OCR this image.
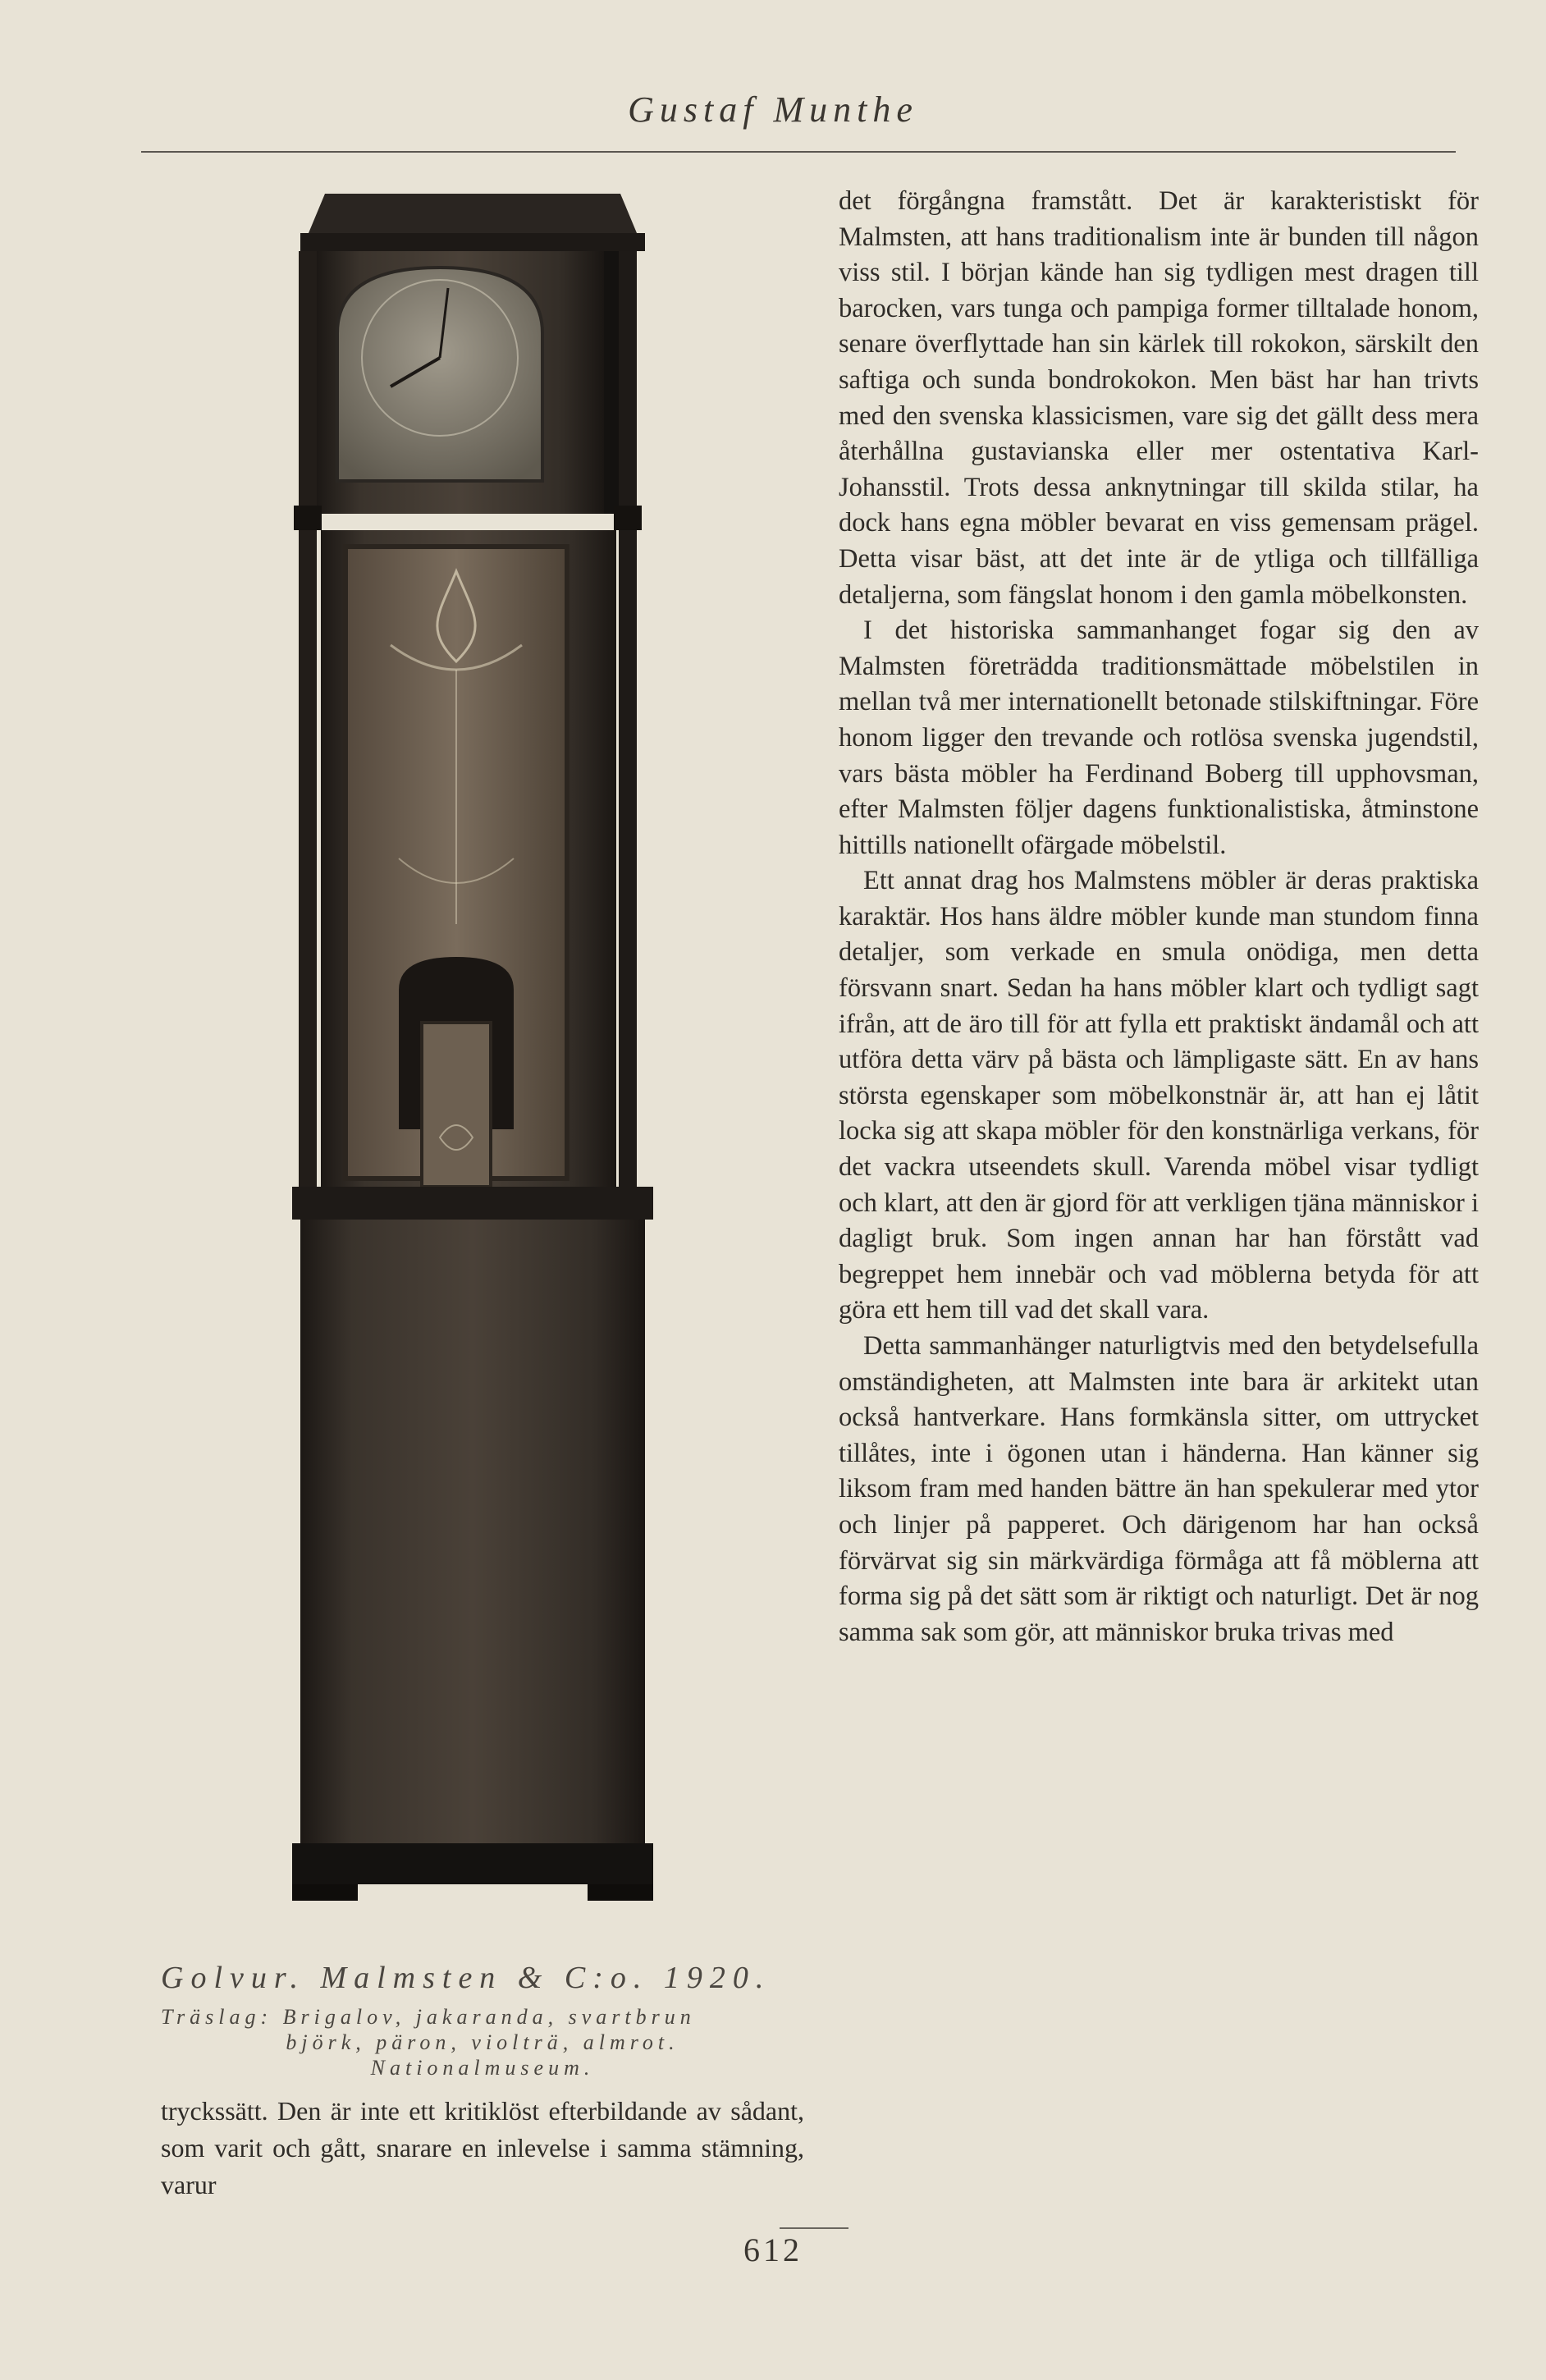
Gustaf Munthe

Golvur. Malmsten & C:o. 1920.

Träslag: Brigalov, jakaranda, svartbrun

björk, päron, violträ, almrot.

Nationalmuseum.

tryckssätt. Den är inte ett kritiklöst efterbildande av sådant, som varit och gått, snarare en inlevelse i samma stämning, varur

det förgångna framstått. Det är karakteristiskt för Malmsten, att hans traditionalism inte är bunden till någon viss stil. I början kände han sig tydligen mest dragen till barocken, vars tunga och pampiga former tilltalade honom, senare överflyttade han sin kärlek till rokokon, särskilt den saftiga och sunda bondrokokon. Men bäst har han trivts med den svenska klassicismen, vare sig det gällt dess mera återhållna gustavianska eller mer ostentativa Karl-Johansstil. Trots dessa anknytningar till skilda stilar, ha dock hans egna möbler bevarat en viss gemensam prägel. Detta visar bäst, att det inte är de ytliga och tillfälliga detaljerna, som fängslat honom i den gamla möbelkonsten.

I det historiska sammanhanget fogar sig den av Malmsten företrädda traditionsmättade möbelstilen in mellan två mer internationellt betonade stilskiftningar. Före honom ligger den trevande och rotlösa svenska jugendstil, vars bästa möbler ha Ferdinand Boberg till upphovsman, efter Malmsten följer dagens funktionalistiska, åtminstone hittills nationellt ofärgade möbelstil.

Ett annat drag hos Malmstens möbler är deras praktiska karaktär. Hos hans äldre möbler kunde man stundom finna detaljer, som verkade en smula onödiga, men detta försvann snart. Sedan ha hans möbler klart och tydligt sagt ifrån, att de äro till för att fylla ett praktiskt ändamål och att utföra detta värv på bästa och lämpligaste sätt. En av hans största egenskaper som möbelkonstnär är, att han ej låtit locka sig att skapa möbler för den konstnärliga verkans, för det vackra utseendets skull. Varenda möbel visar tydligt och klart, att den är gjord för att verkligen tjäna människor i dagligt bruk. Som ingen annan har han förstått vad begreppet hem innebär och vad möblerna betyda för att göra ett hem till vad det skall vara.

Detta sammanhänger naturligtvis med den betydelsefulla omständigheten, att Malmsten inte bara är arkitekt utan också hantverkare. Hans formkänsla sitter, om uttrycket tillåtes, inte i ögonen utan i händerna. Han känner sig liksom fram med handen bättre än han spekulerar med ytor och linjer på papperet. Och därigenom har han också förvärvat sig sin märkvärdiga förmåga att få möblerna att forma sig på det sätt som är riktigt och naturligt. Det är nog samma sak som gör, att människor bruka trivas med

612
